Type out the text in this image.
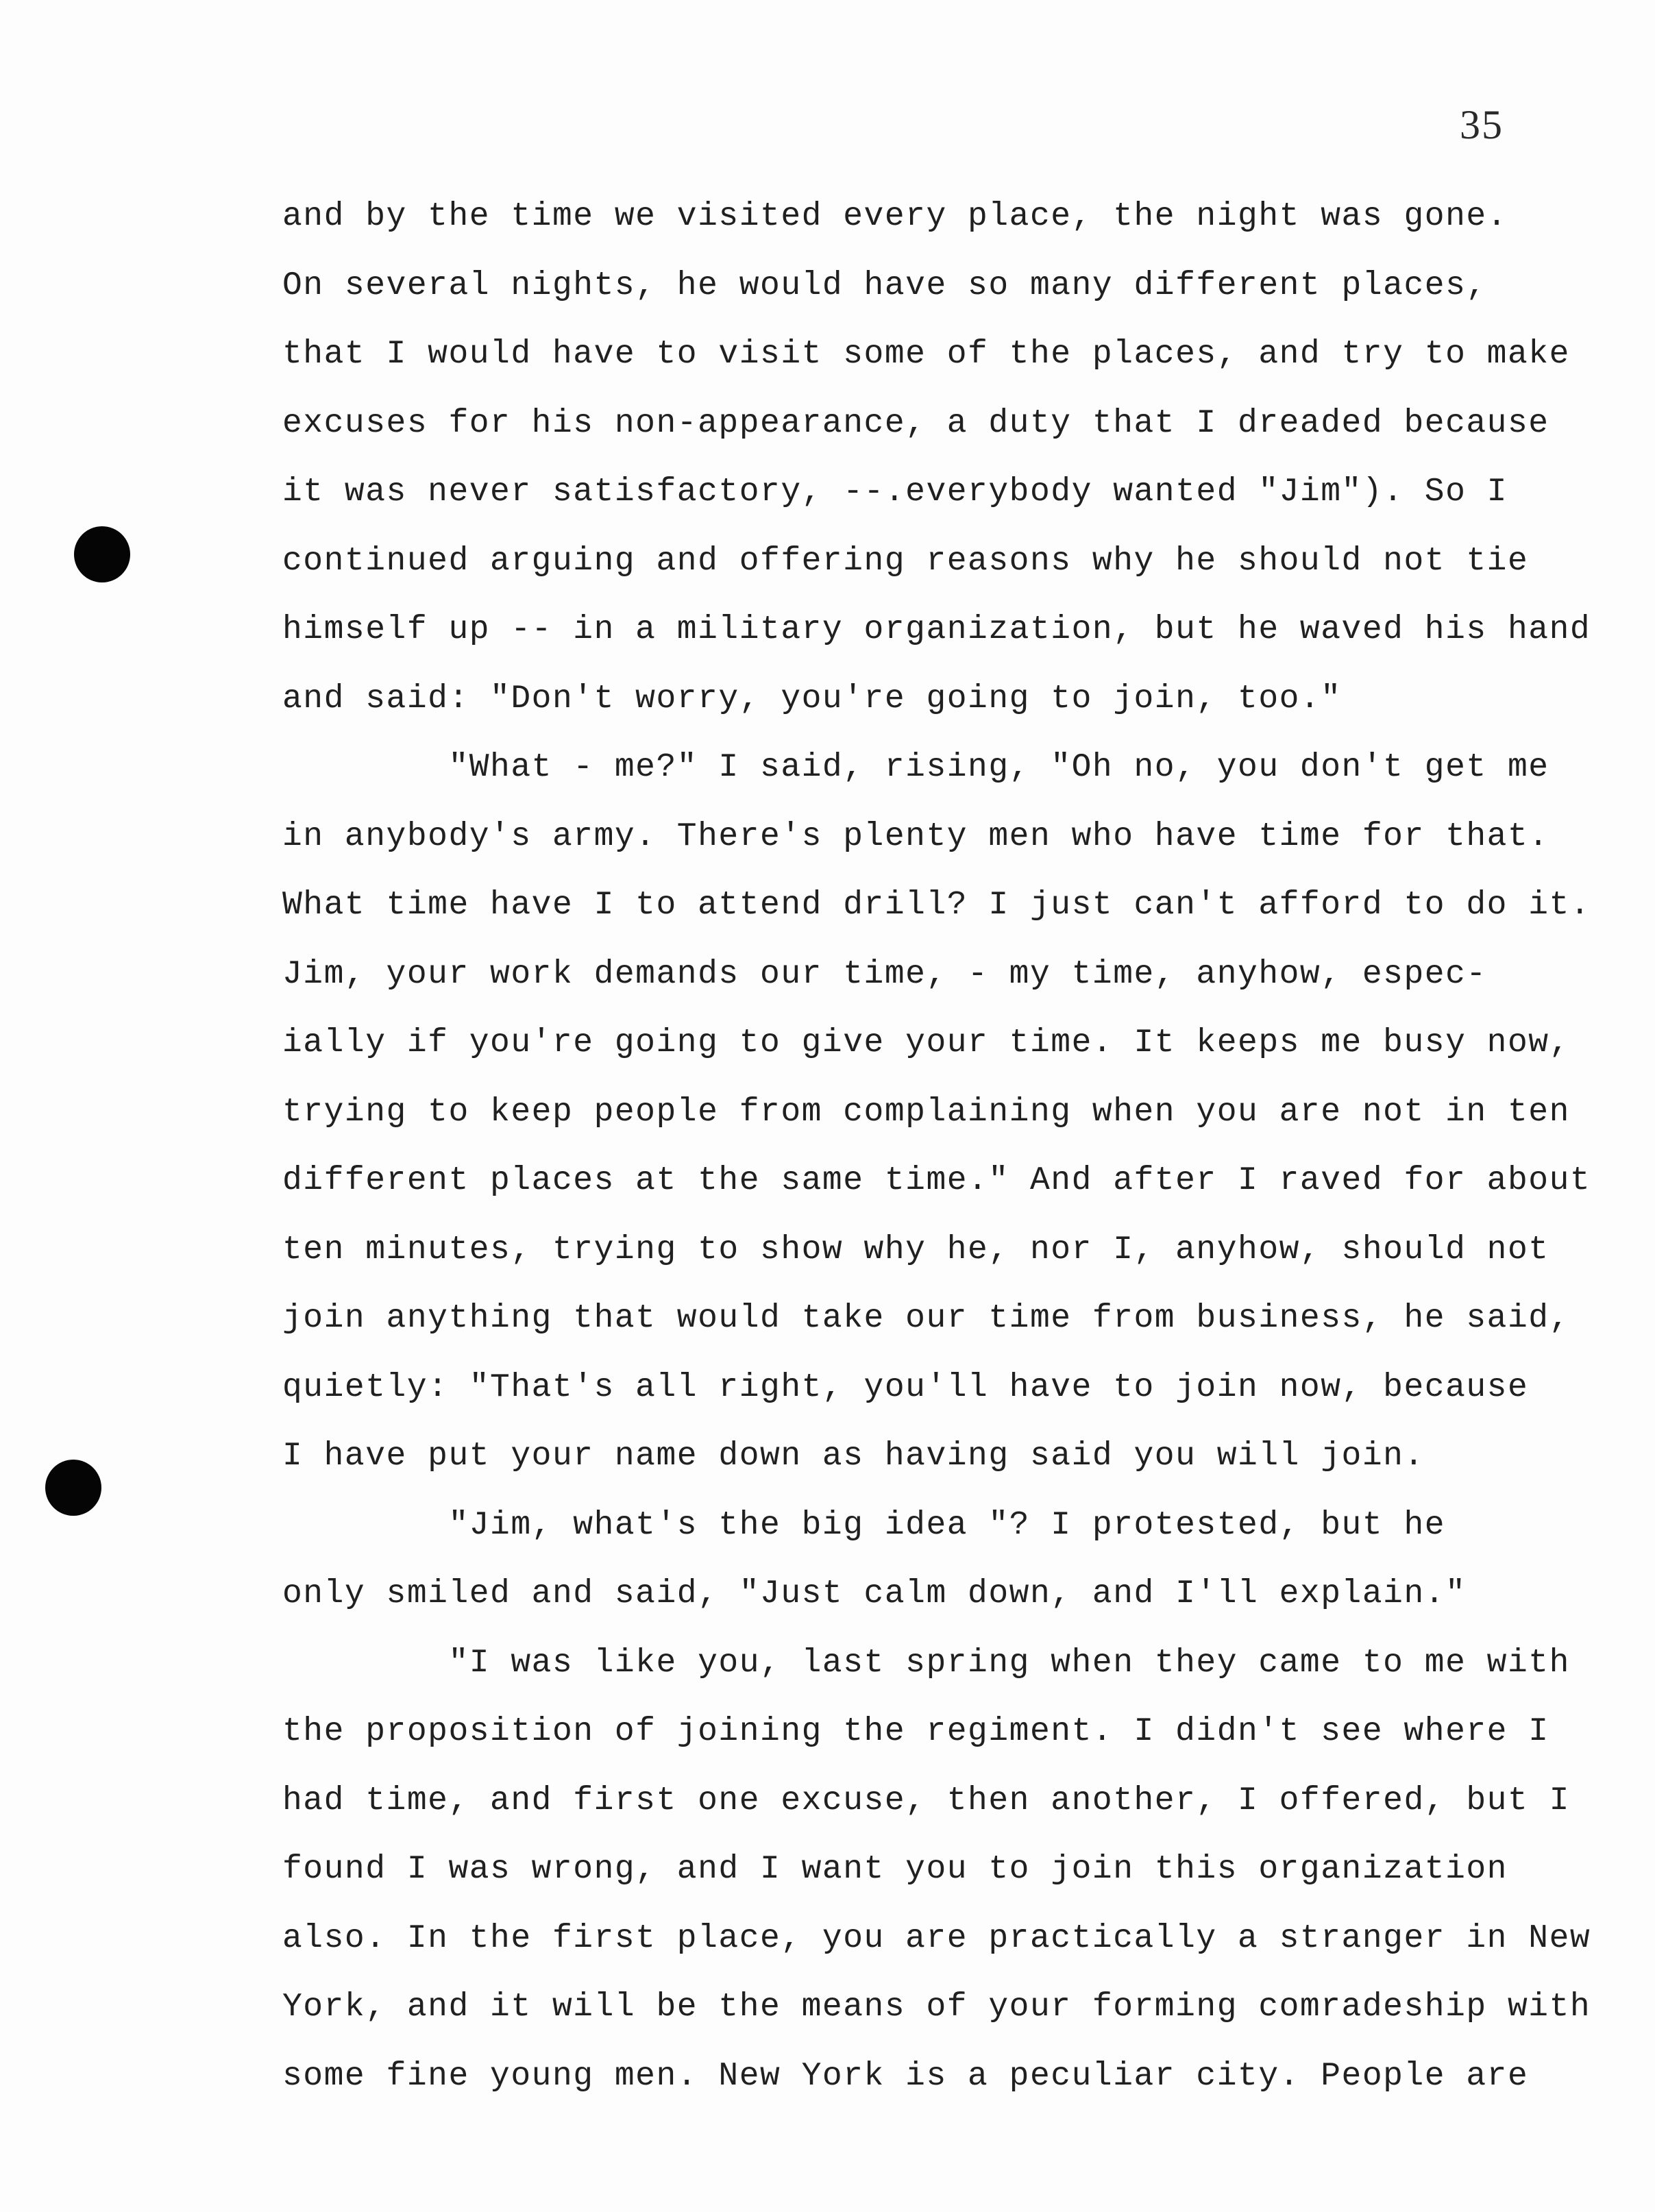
35
and by the time we visited every place, the night was gone.
On several nights, he would have so many different places,
that I would have to visit some of the places, and try to make
excuses for his non-appearance, a duty that I dreaded because
it was never satisfactory, --.everybody wanted "Jim"). So I
continued arguing and offering reasons why he should not tie
himself up -- in a military organization, but he waved his hand
and said: "Don't worry, you're going to join, too."
"What - me?" I said, rising, "Oh no, you don't get me
in anybody's army. There's plenty men who have time for that.
What time have I to attend drill? I just can't afford to do it.
Jim, your work demands our time, - my time, anyhow, espec-
ially if you're going to give your time. It keeps me busy now,
trying to keep people from complaining when you are not in ten
different places at the same time." And after I raved for about
ten minutes, trying to show why he, nor I, anyhow, should not
join anything that would take our time from business, he said,
quietly: "That's all right, you'll have to join now, because
I have put your name down as having said you will join.
"Jim, what's the big idea "? I protested, but he
only smiled and said, "Just calm down, and I'll explain."
"I was like you, last spring when they came to me with
the proposition of joining the regiment. I didn't see where I
had time, and first one excuse, then another, I offered, but I
found I was wrong, and I want you to join this organization
also. In the first place, you are practically a stranger in New
York, and it will be the means of your forming comradeship with
some fine young men. New York is a peculiar city. People are
